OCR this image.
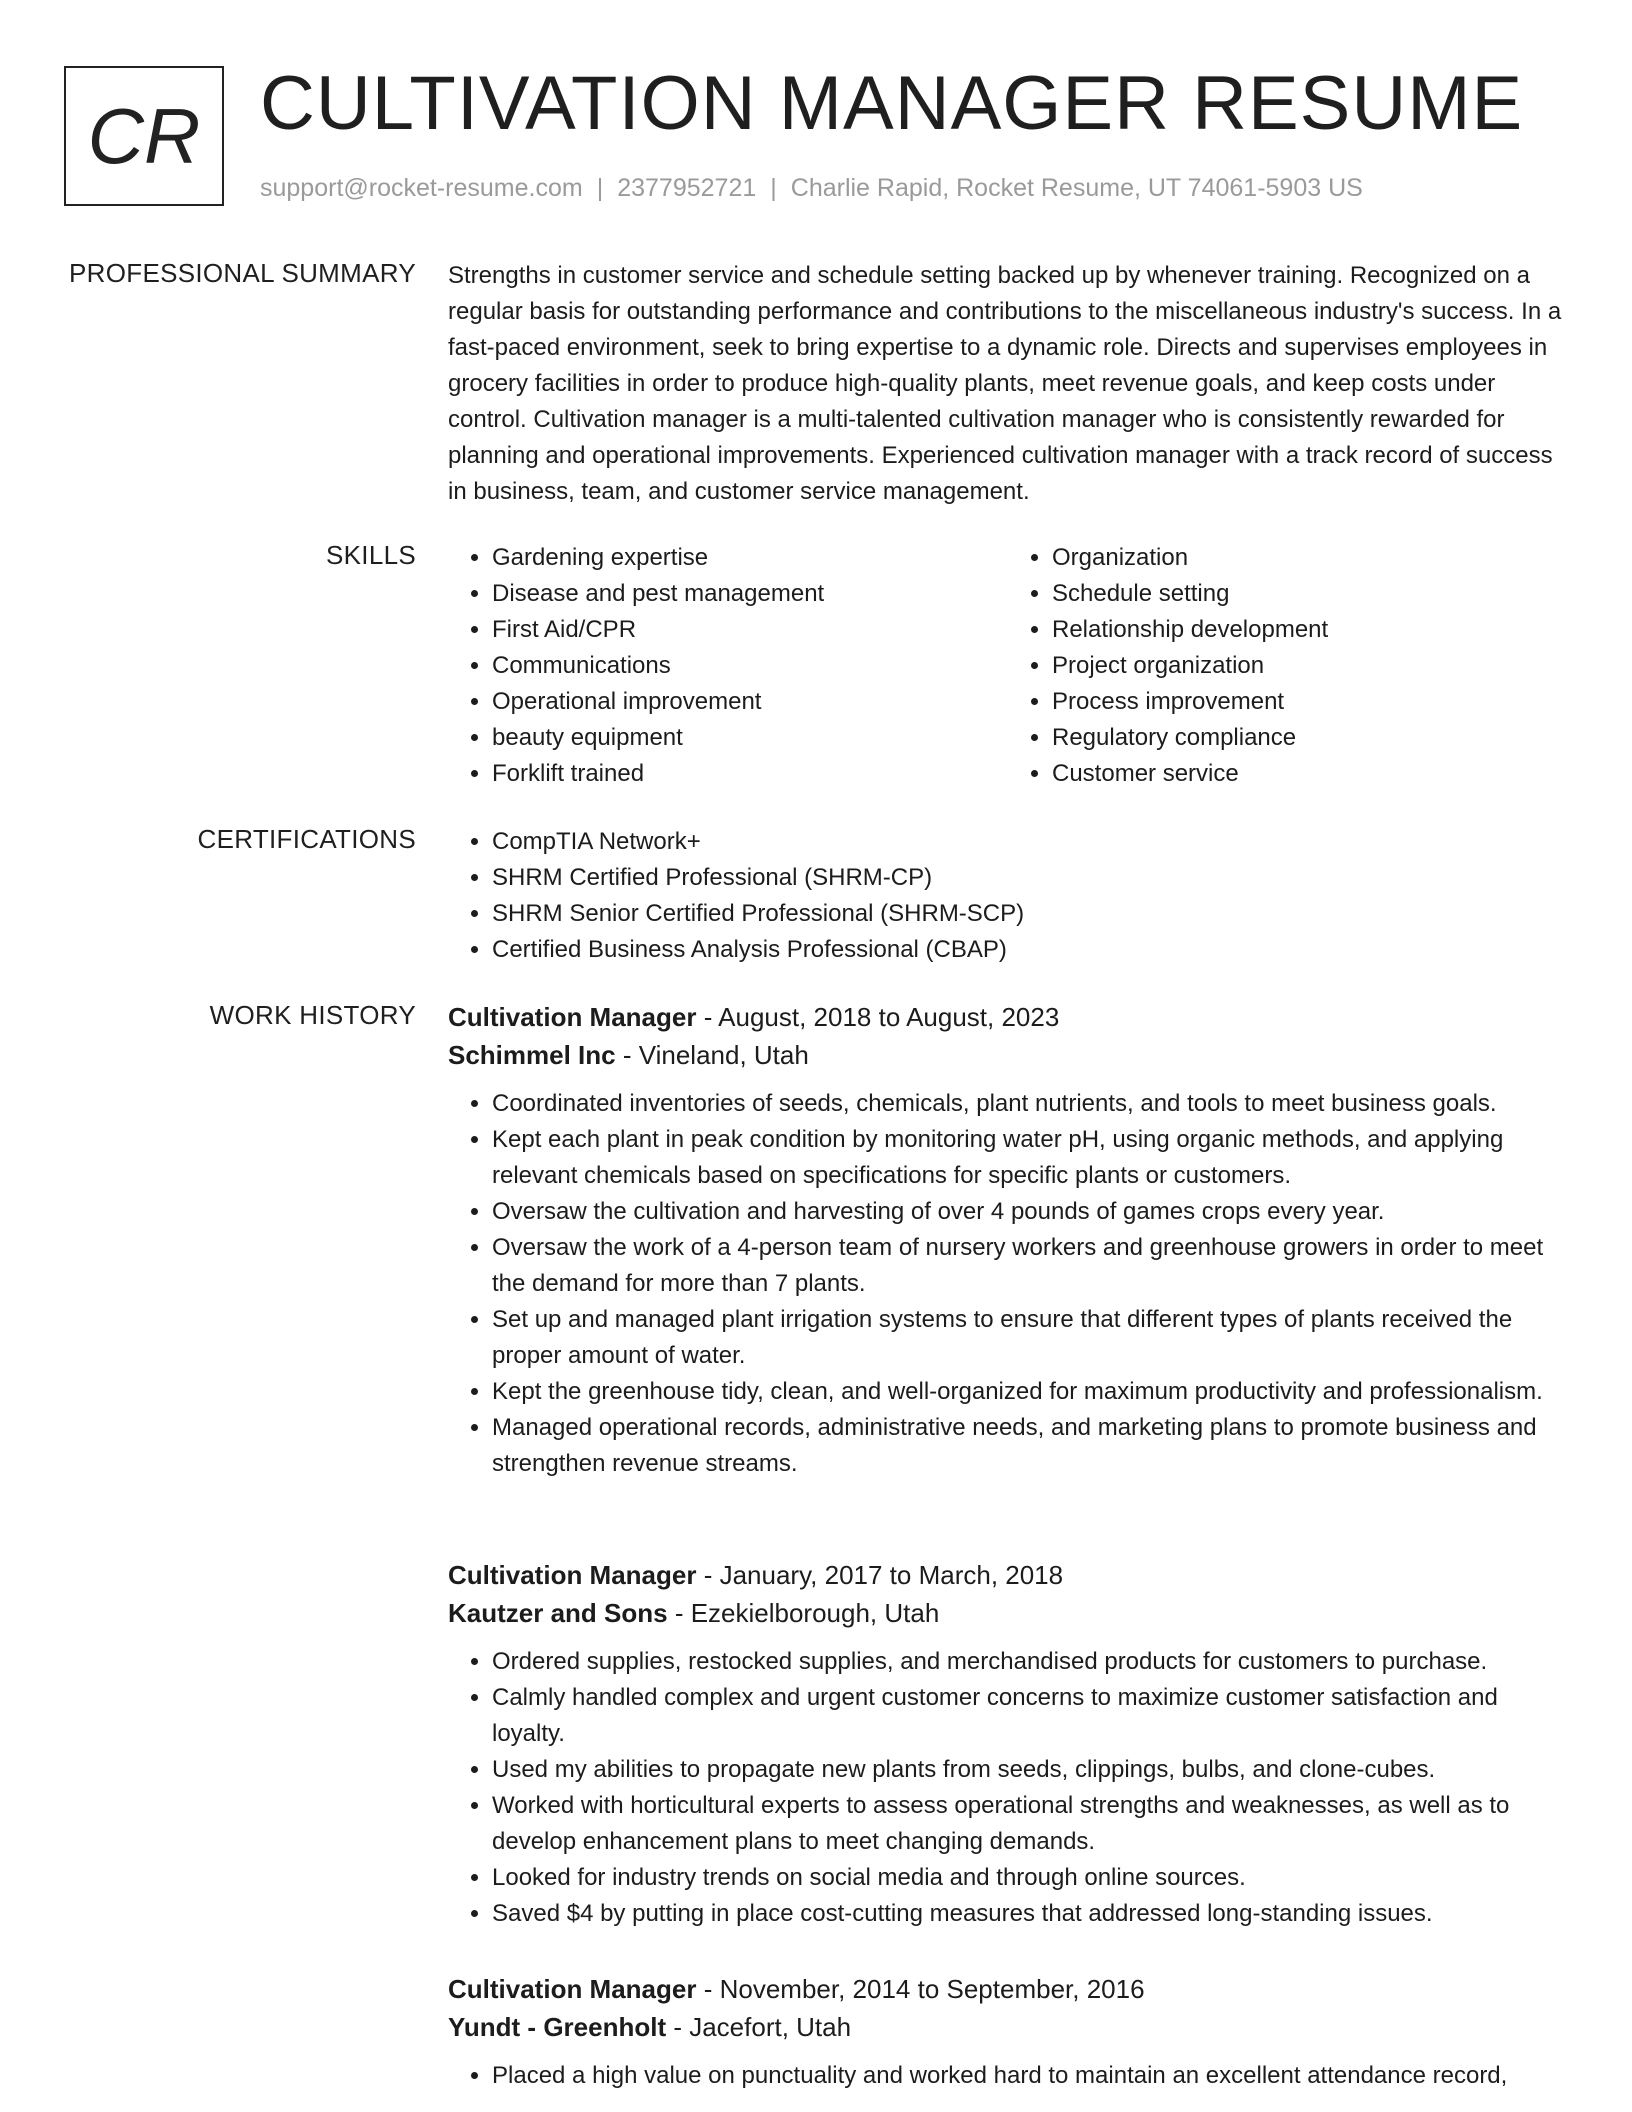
CR CULTIVATION MANAGER RESUME
support@rocket-resume.com | 2377952721 | Charlie Rapid, Rocket Resume, UT 74061-5903 US
PROFESSIONAL SUMMARY Strengths in customer service and schedule setting backed up by whenever training. Recognized on a regular basis for outstanding performance and contributions to the miscellaneous industry's success. In a fast-paced environment, seek to bring expertise to a dynamic role. Directs and supervises employees in grocery facilities in order to produce high-quality plants, meet revenue goals, and keep costs under control. Cultivation manager is a multi-talented cultivation manager who is consistently rewarded for planning and operational improvements. Experienced cultivation manager with a track record of success in business, team, and customer service management.

SKILLS	• Gardening expertise
• Disease and pest management
• First Aid/CPR
• Communications
• Operational improvement
• beauty equipment
• Forklift trained
• Organization
• Schedule setting
• Relationship development
• Project organization
• Process improvement
• Regulatory compliance
• Customer service
CERTIFICATIONS	• CompTIA Network+
• SHRM Certified Professional (SHRM-CP)
• SHRM Senior Certified Professional (SHRM-SCP)
• Certified Business Analysis Professional (CBAP)
WORK HISTORY Cultivation Manager - August, 2018 to August, 2023
Schimmel Inc - Vineland, Utah
• Coordinated inventories of seeds, chemicals, plant nutrients, and tools to meet business goals.
• Kept each plant in peak condition by monitoring water pH, using organic methods, and applying relevant chemicals based on specifications for specific plants or customers.
• Oversaw the cultivation and harvesting of over 4 pounds of games crops every year.
• Oversaw the work of a 4-person team of nursery workers and greenhouse growers in order to meet the demand for more than 7 plants.
• Set up and managed plant irrigation systems to ensure that different types of plants received the proper amount of water.
• Kept the greenhouse tidy, clean, and well-organized for maximum productivity and professionalism.
• Managed operational records, administrative needs, and marketing plans to promote business and strengthen revenue streams.
Cultivation Manager - January, 2017 to March, 2018
Kautzer and Sons - Ezekielborough, Utah
• Ordered supplies, restocked supplies, and merchandised products for customers to purchase.
• Calmly handled complex and urgent customer concerns to maximize customer satisfaction and loyalty.
• Used my abilities to propagate new plants from seeds, clippings, bulbs, and clone-cubes.
• Worked with horticultural experts to assess operational strengths and weaknesses, as well as to develop enhancement plans to meet changing demands.
• Looked for industry trends on social media and through online sources.
• Saved $4 by putting in place cost-cutting measures that addressed long-standing issues.
Cultivation Manager - November, 2014 to September, 2016
Yundt - Greenholt - Jacefort, Utah
• Placed a high value on punctuality and worked hard to maintain an excellent attendance record,
